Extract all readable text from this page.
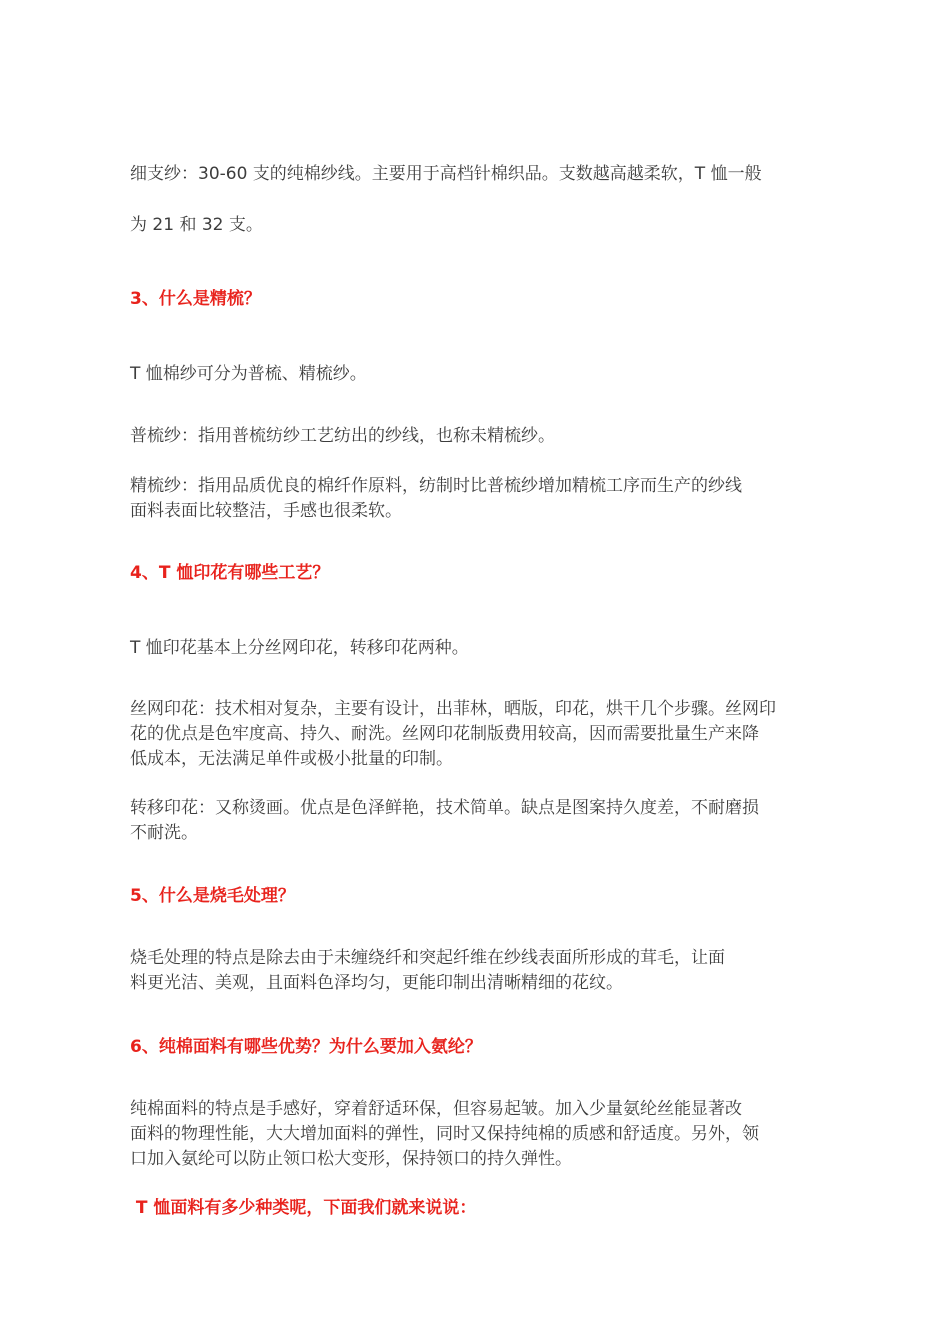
细支纱：30-60 支的纯棉纱线。主要用于高档针棉织品。支数越高越柔软，T 恤一般

为 21 和 32 支。

3、什么是精梳？

T 恤棉纱可分为普梳、精梳纱。

普梳纱：指用普梳纺纱工艺纺出的纱线，也称未精梳纱。

精梳纱：指用品质优良的棉纤作原料，纺制时比普梳纱增加精梳工序而生产的纱线
面料表面比较整洁，手感也很柔软。

4、T 恤印花有哪些工艺？

T 恤印花基本上分丝网印花，转移印花两种。

丝网印花：技术相对复杂，主要有设计，出菲林，晒版，印花，烘干几个步骤。丝网印
花的优点是色牢度高、持久、耐洗。丝网印花制版费用较高，因而需要批量生产来降
低成本，无法满足单件或极小批量的印制。

转移印花：又称烫画。优点是色泽鲜艳，技术简单。缺点是图案持久度差，不耐磨损
不耐洗。

5、什么是烧毛处理？

烧毛处理的特点是除去由于未缠绕纤和突起纤维在纱线表面所形成的茸毛，让面
料更光洁、美观，且面料色泽均匀，更能印制出清晰精细的花纹。

6、纯棉面料有哪些优势？为什么要加入氨纶？

纯棉面料的特点是手感好，穿着舒适环保，但容易起皱。加入少量氨纶丝能显著改
面料的物理性能，大大增加面料的弹性，同时又保持纯棉的质感和舒适度。另外，领
口加入氨纶可以防止领口松大变形，保持领口的持久弹性。

T 恤面料有多少种类呢，下面我们就来说说：
